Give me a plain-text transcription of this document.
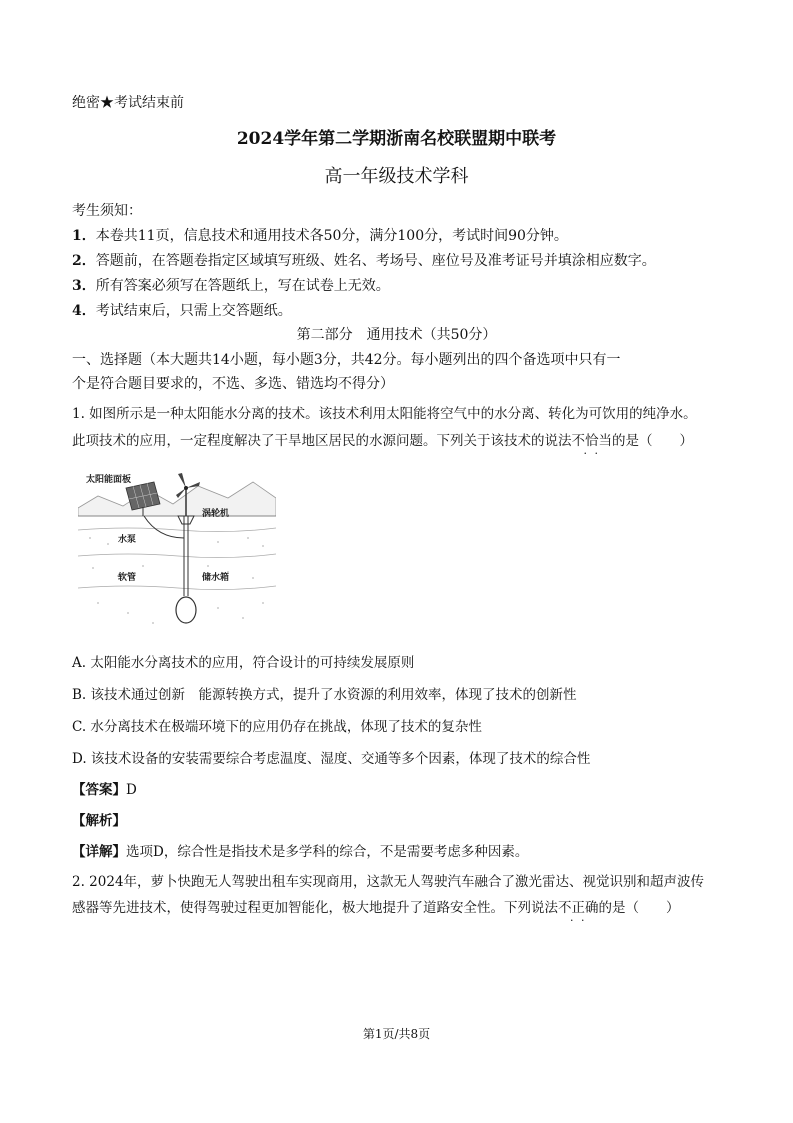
绝密★考试结束前
2024学年第二学期浙南名校联盟期中联考
高一年级技术学科
考生须知：
1．本卷共11页，信息技术和通用技术各50分，满分100分，考试时间90分钟。
2．答题前，在答题卷指定区域填写班级、姓名、考场号、座位号及准考证号并填涂相应数字。
3．所有答案必须写在答题纸上，写在试卷上无效。
4．考试结束后，只需上交答题纸。
第二部分　通用技术（共50分）
一、选择题（本大题共14小题，每小题3分，共42分。每小题列出的四个备选项中只有一
个是符合题目要求的，不选、多选、错选均不得分）
1. 如图所示是一种太阳能水分离的技术。该技术利用太阳能将空气中的水分离、转化为可饮用的纯净水。
此项技术的应用，一定程度解决了干旱地区居民的水源问题。下列关于该技术的说法不恰当 · ·的是（　　）
太阳能面板
涡轮机
水泵
软管	储水箱
A. 太阳能水分离技术的应用，符合设计的可持续发展原则
B. 该技术通过创新　能源转换方式，提升了水资源的利用效率，体现了技术的创新性
C. 水分离技术在极端环境下的应用仍存在挑战，体现了技术的复杂性
D. 该技术设备的安装需要综合考虑温度、湿度、交通等多个因素，体现了技术的综合性
【答案】D
【解析】
【详解】选项D，综合性是指技术是多学科的综合，不是需要考虑多种因素。
2. 2024年，萝卜快跑无人驾驶出租车实现商用，这款无人驾驶汽车融合了激光雷达、视觉识别和超声波传
感器等先进技术，使得驾驶过程更加智能化，极大地提升了道路安全性。下列说法不正确 · ·的是（　　）
第1页/共8页
